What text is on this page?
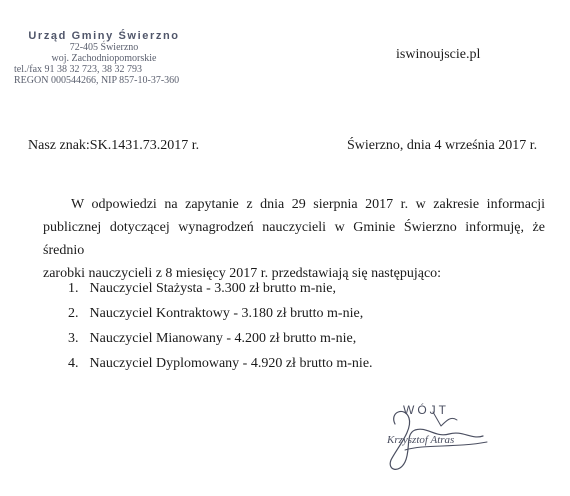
Urząd Gminy Świerzno
72-405 Świerzno
woj. Zachodniopomorskie
tel./fax 91 38 32 723, 38 32 793
REGON 000544266, NIP 857-10-37-360
iswinoujscie.pl
Nasz znak:SK.1431.73.2017 r.	Świerzno, dnia 4 września 2017 r.
W odpowiedzi na zapytanie z dnia 29 sierpnia 2017 r. w zakresie informacji
publicznej dotyczącej wynagrodzeń nauczycieli w Gminie Świerzno informuję, że średnio
zarobki nauczycieli z 8 miesięcy 2017 r. przedstawiają się następująco:
1. Nauczyciel Stażysta - 3.300 zł brutto m-nie,
2. Nauczyciel Kontraktowy - 3.180 zł brutto m-nie,
3. Nauczyciel Mianowany - 4.200 zł brutto m-nie,
4. Nauczyciel Dyplomowany - 4.920 zł brutto m-nie.
WÓJT
Krzysztof Atras
